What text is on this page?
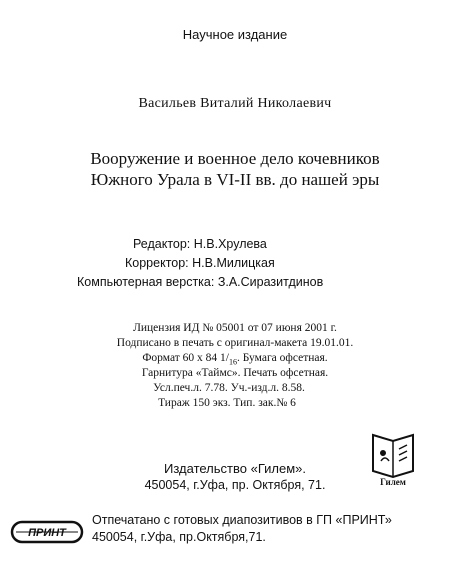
Научное издание
Васильев Виталий Николаевич
Вооружение и военное дело кочевников
Южного Урала в VI-II вв. до нашей эры
Редактор: Н.В.Хрулева
Корректор: Н.В.Милицкая
Компьютерная верстка: З.А.Сиразитдинов
Лицензия ИД № 05001 от 07 июня 2001 г.
Подписано в печать с оригинал-макета 19.01.01.
Формат 60 x 84 $1/_{16}$. Бумага офсетная.
Гарнитура «Таймс». Печать офсетная.
Усл.печ.л. 7.78. Уч.-изд.л. 8.58.
Тираж 150 экз. Тип. зак.№ 6
Издательство «Гилем».
450054, г.Уфа, пр. Октября, 71.	Гилем
ПРИНТ
Отпечатано с готовых диапозитивов в ГП «ПРИНТ»
450054, г.Уфа, пр.Октября,71.
